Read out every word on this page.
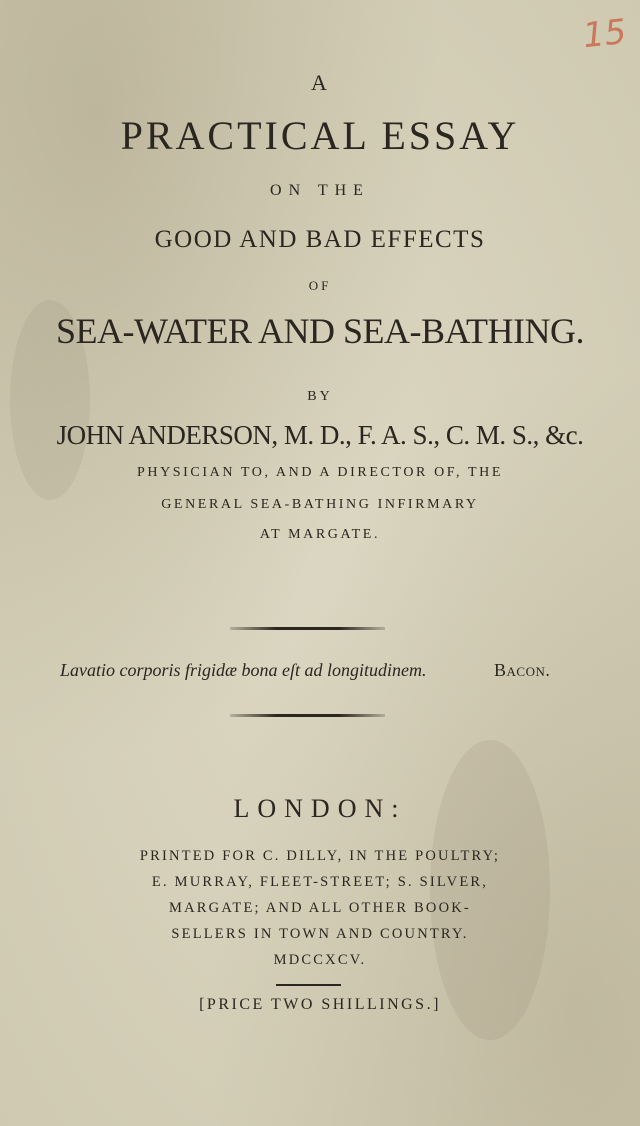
15
A
PRACTICAL ESSAY
ON THE
GOOD AND BAD EFFECTS
OF
SEA-WATER AND SEA-BATHING.
BY
JOHN ANDERSON, M. D., F. A. S., C. M. S., &c.
PHYSICIAN TO, AND A DIRECTOR OF, THE
GENERAL SEA-BATHING INFIRMARY
AT MARGATE.
Lavatio corporis frigidæ bona eſt ad longitudinem.	Bacon.
LONDON:
PRINTED FOR C. DILLY, IN THE POULTRY;
E. MURRAY, FLEET-STREET; S. SILVER,
MARGATE; AND ALL OTHER BOOK-
SELLERS IN TOWN AND COUNTRY.
MDCCXCV.
[PRICE TWO SHILLINGS.]
